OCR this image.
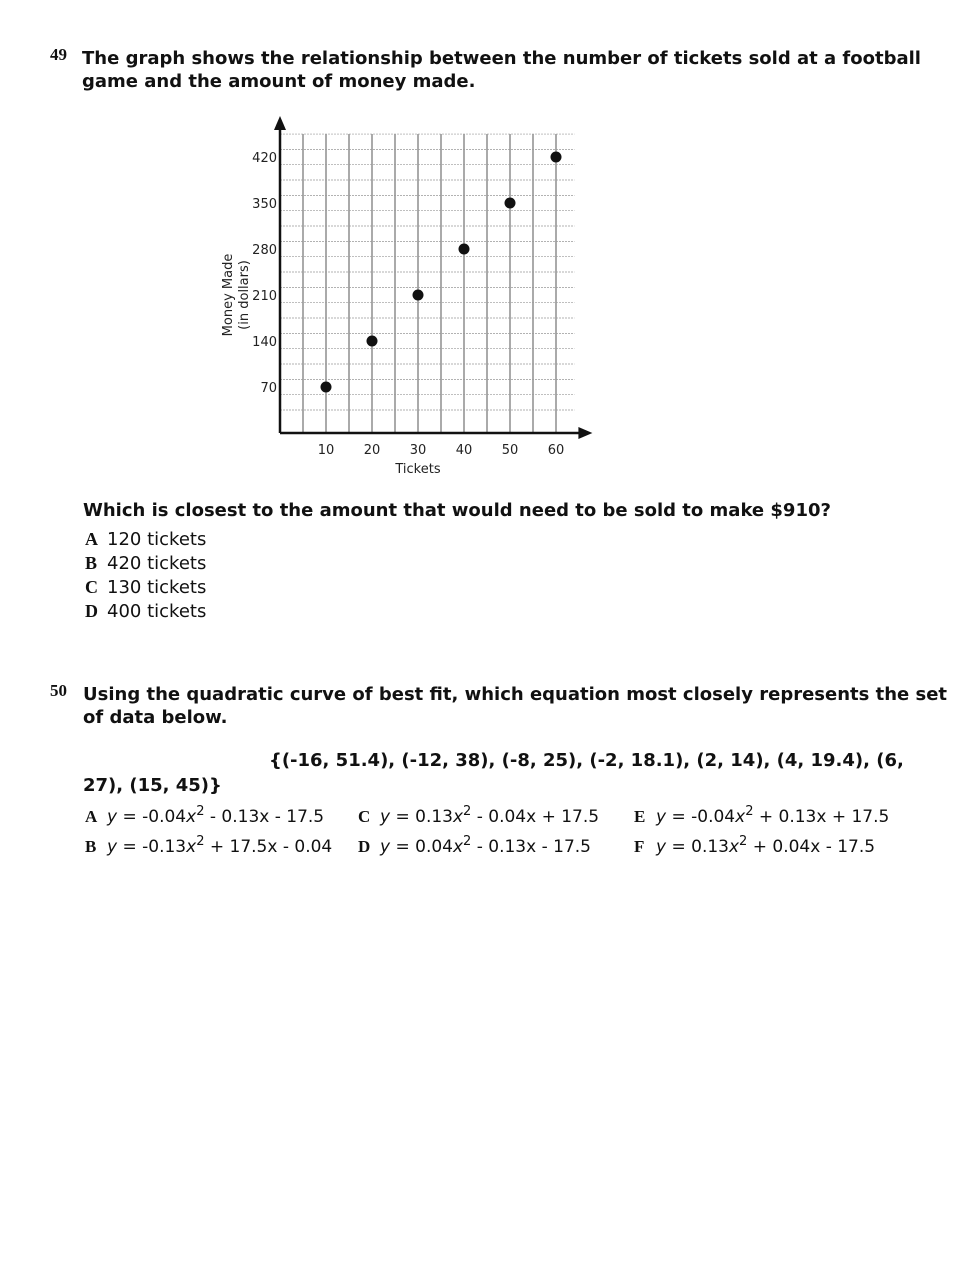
49 The graph shows the relationship between the number of tickets sold at a football
game and the amount of money made.
10 20 30 40 50 60
70
140
210
280
350
420
Tickets
Money Made (in dollars)
Which is closest to the amount that would need to be sold to make $910?
A 120 tickets
B 420 tickets
C 130 tickets
D 400 tickets
50 Using the quadratic curve of best fit, which equation most closely represents the set
of data below.
{(-16, 51.4), (-12, 38), (-8, 25), (-2, 18.1), (2, 14), (4, 19.4), (6,
27), (15, 45)}
A $y = -0.04x^2 - 0.13x - 17.5$
B $y = -0.13x^2 + 17.5x - 0.04$
C $y = 0.13x^2 - 0.04x + 17.5$
D $y = 0.04x^2 - 0.13x - 17.5$
E $y = -0.04x^2 + 0.13x + 17.5$
F $y = 0.13x^2 + 0.04x - 17.5$
